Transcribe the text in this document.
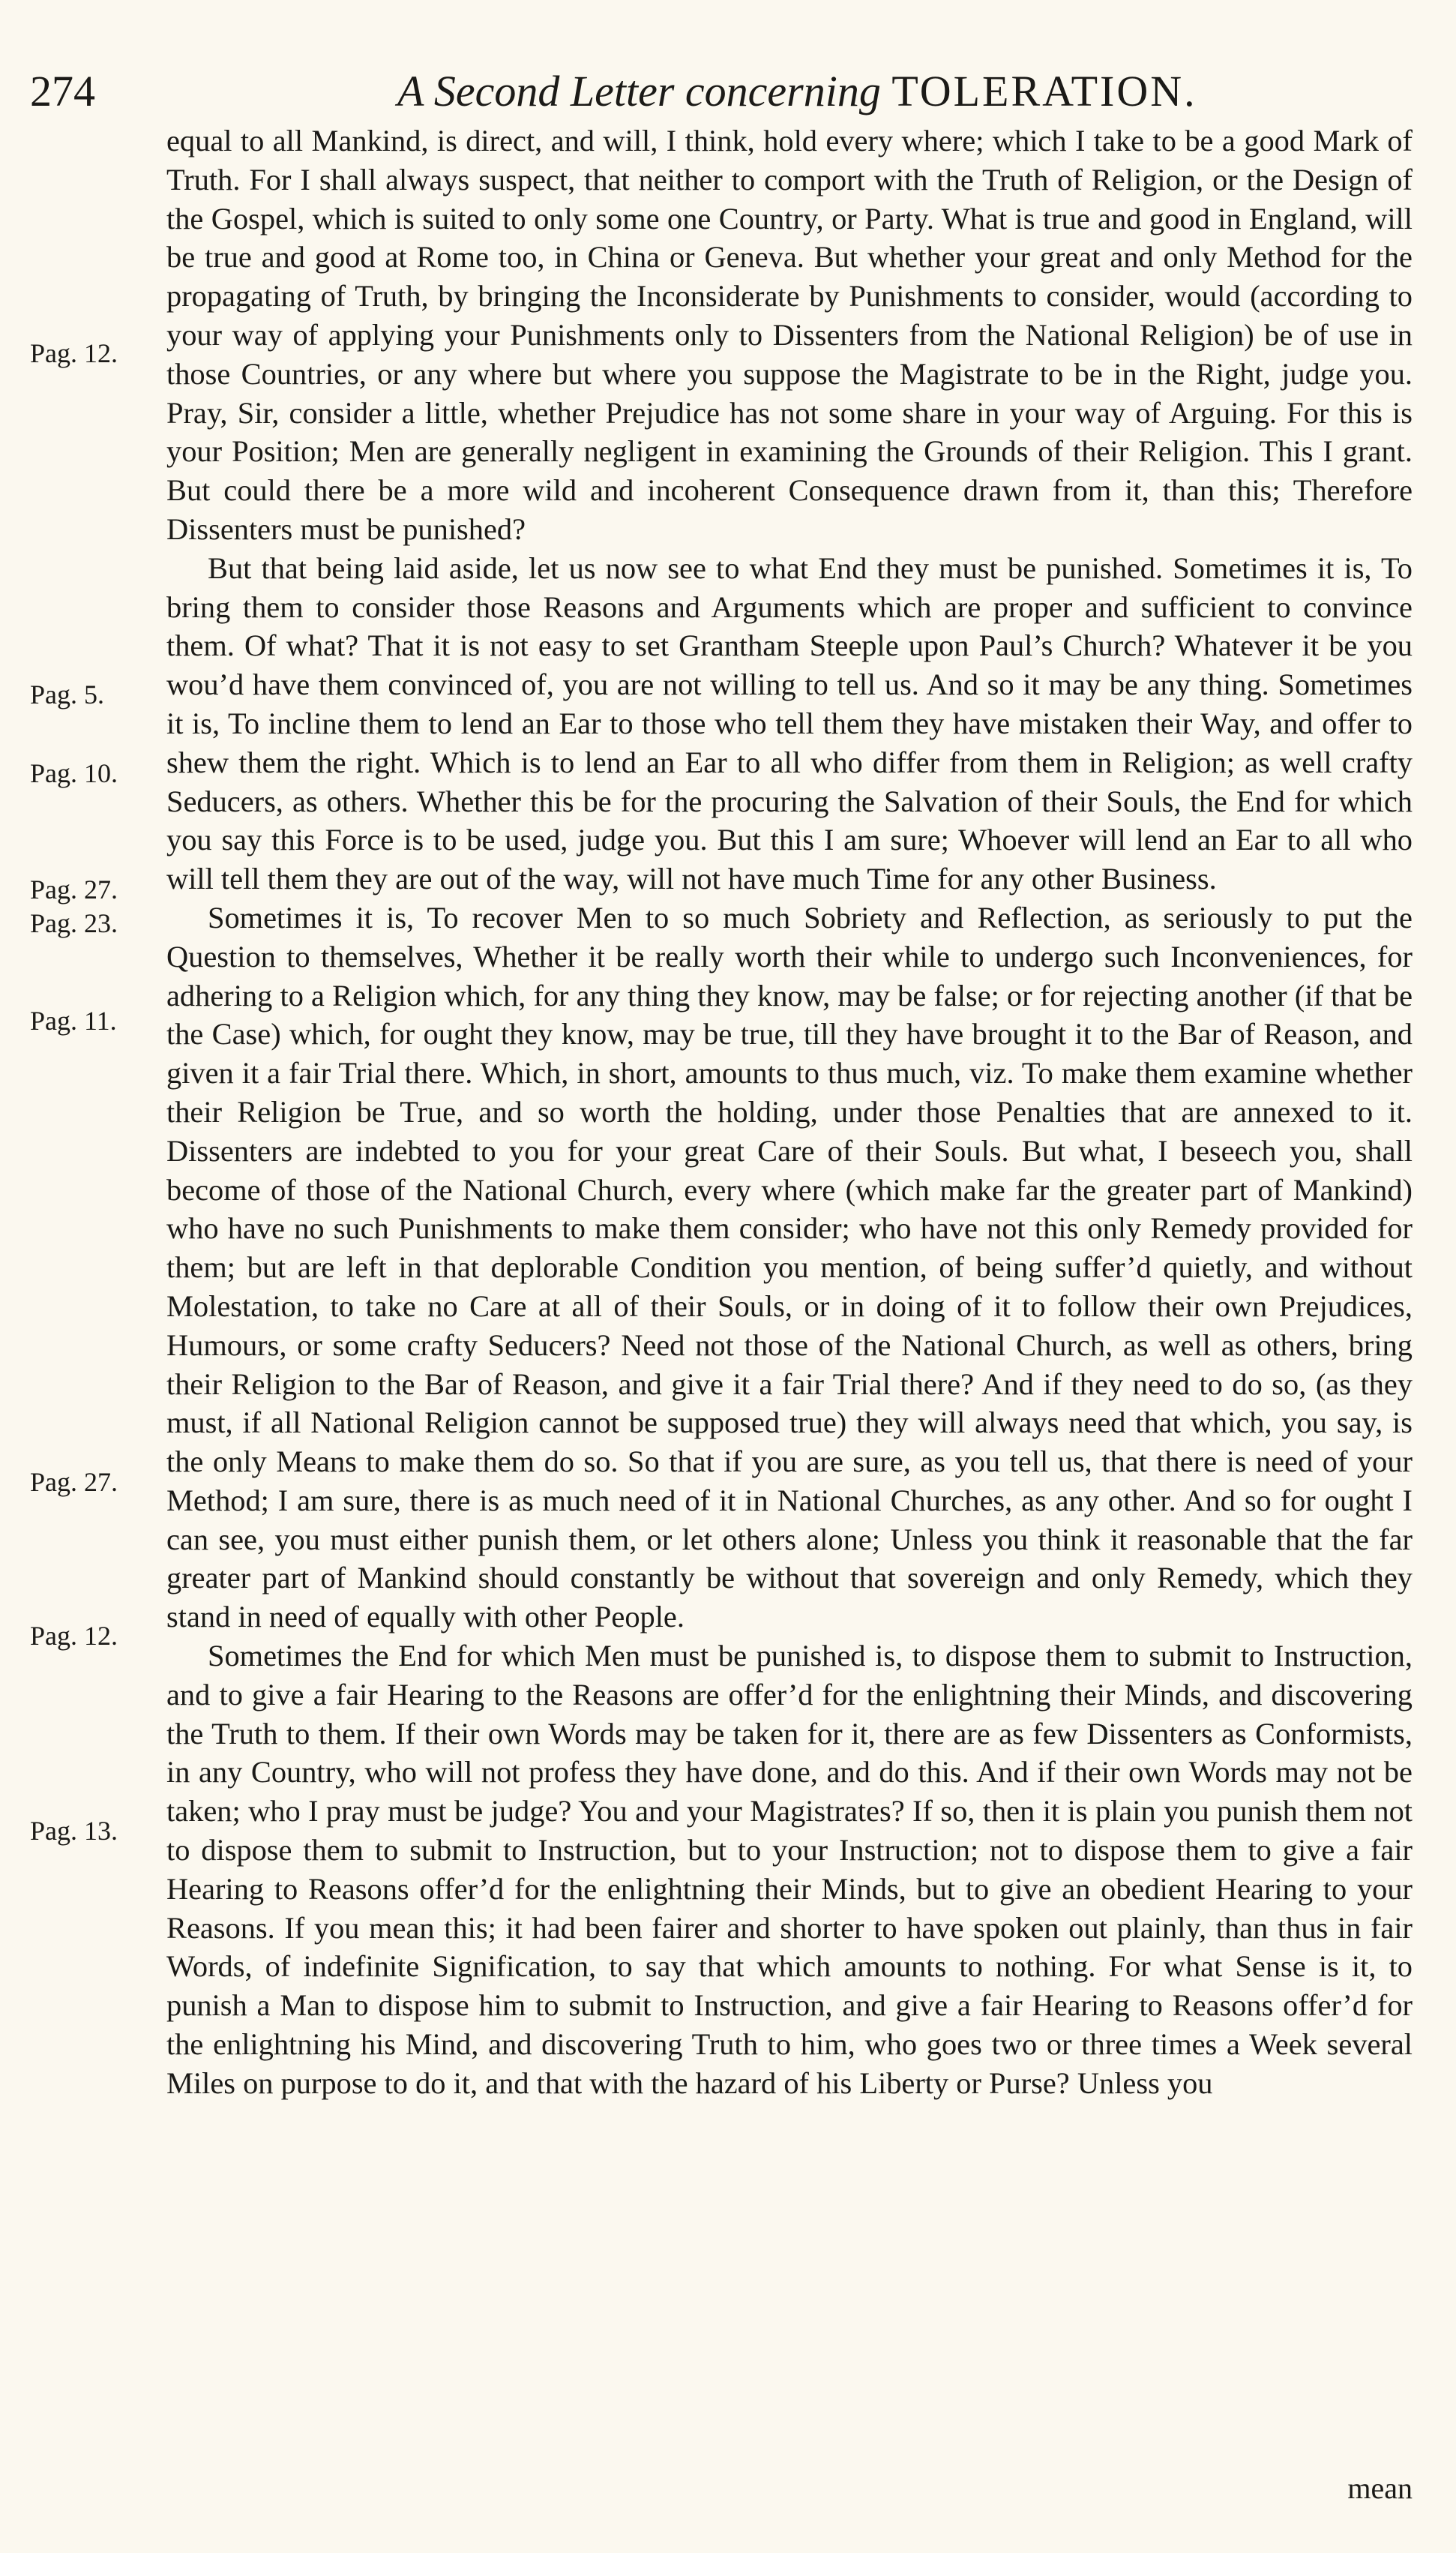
274	A Second Letter concerning TOLERATION.
Pag. 12.
Pag. 5.
Pag. 10.
Pag. 27.
Pag. 23.
Pag. 11.
Pag. 27.
Pag. 12.
Pag. 13.

equal to all Mankind, is direct, and will, I think, hold every where; which I take to be a good Mark of Truth. For I shall always suspect, that neither to comport with the Truth of Religion, or the Design of the Gospel, which is suited to only some one Country, or Party. What is true and good in England, will be true and good at Rome too, in China or Geneva. But whether your great and only Method for the propagating of Truth, by bringing the Inconsiderate by Punishments to consider, would (according to your way of applying your Punishments only to Dissenters from the National Religion) be of use in those Countries, or any where but where you suppose the Magistrate to be in the Right, judge you. Pray, Sir, consider a little, whether Prejudice has not some share in your way of Arguing. For this is your Position; Men are generally negligent in examining the Grounds of their Religion. This I grant. But could there be a more wild and incoherent Consequence drawn from it, than this; Therefore Dissenters must be punished?

But that being laid aside, let us now see to what End they must be punished. Sometimes it is, To bring them to consider those Reasons and Arguments which are proper and sufficient to convince them. Of what? That it is not easy to set Grantham Steeple upon Paul’s Church? Whatever it be you wou’d have them convinced of, you are not willing to tell us. And so it may be any thing. Sometimes it is, To incline them to lend an Ear to those who tell them they have mistaken their Way, and offer to shew them the right. Which is to lend an Ear to all who differ from them in Religion; as well crafty Seducers, as others. Whether this be for the procuring the Salvation of their Souls, the End for which you say this Force is to be used, judge you. But this I am sure; Whoever will lend an Ear to all who will tell them they are out of the way, will not have much Time for any other Business.

Sometimes it is, To recover Men to so much Sobriety and Reflection, as seriously to put the Question to themselves, Whether it be really worth their while to undergo such Inconveniences, for adhering to a Religion which, for any thing they know, may be false; or for rejecting another (if that be the Case) which, for ought they know, may be true, till they have brought it to the Bar of Reason, and given it a fair Trial there. Which, in short, amounts to thus much, viz. To make them examine whether their Religion be True, and so worth the holding, under those Penalties that are annexed to it. Dissenters are indebted to you for your great Care of their Souls. But what, I beseech you, shall become of those of the National Church, every where (which make far the greater part of Mankind) who have no such Punishments to make them consider; who have not this only Remedy provided for them; but are left in that deplorable Condition you mention, of being suffer’d quietly, and without Molestation, to take no Care at all of their Souls, or in doing of it to follow their own Prejudices, Humours, or some crafty Seducers? Need not those of the National Church, as well as others, bring their Religion to the Bar of Reason, and give it a fair Trial there? And if they need to do so, (as they must, if all National Religion cannot be supposed true) they will always need that which, you say, is the only Means to make them do so. So that if you are sure, as you tell us, that there is need of your Method; I am sure, there is as much need of it in National Churches, as any other. And so for ought I can see, you must either punish them, or let others alone; Unless you think it reasonable that the far greater part of Mankind should constantly be without that sovereign and only Remedy, which they stand in need of equally with other People.

Sometimes the End for which Men must be punished is, to dispose them to submit to Instruction, and to give a fair Hearing to the Reasons are offer’d for the enlightning their Minds, and discovering the Truth to them. If their own Words may be taken for it, there are as few Dissenters as Conformists, in any Country, who will not profess they have done, and do this. And if their own Words may not be taken; who I pray must be judge? You and your Magistrates? If so, then it is plain you punish them not to dispose them to submit to Instruction, but to your Instruction; not to dispose them to give a fair Hearing to Reasons offer’d for the enlightning their Minds, but to give an obedient Hearing to your Reasons. If you mean this; it had been fairer and shorter to have spoken out plainly, than thus in fair Words, of indefinite Signification, to say that which amounts to nothing. For what Sense is it, to punish a Man to dispose him to submit to Instruction, and give a fair Hearing to Reasons offer’d for the enlightning his Mind, and discovering Truth to him, who goes two or three times a Week several Miles on purpose to do it, and that with the hazard of his Liberty or Purse? Unless you

mean
